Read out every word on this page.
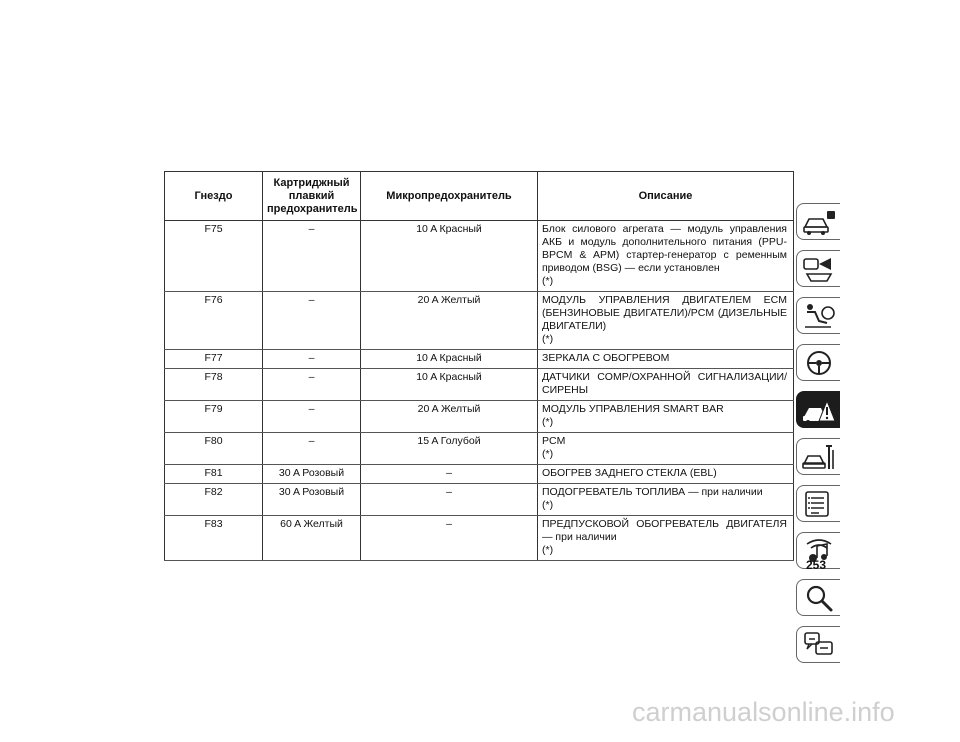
Гнездо	Картриджный
плавкий
предохранитель	Микропредохранитель	Описание
F75	–	10 A Красный	Блок силового агрегата — модуль управления АКБ и модуль дополнительного питания (PPU-BPCM & APM) стартер-генератор с ременным приводом (BSG) — если установлен
(*)

F76	–	20 A Желтый	МОДУЛЬ УПРАВЛЕНИЯ ДВИГАТЕЛЕМ ECM (БЕНЗИНОВЫЕ ДВИГАТЕЛИ)/PCM (ДИЗЕЛЬНЫЕ ДВИГАТЕЛИ)
(*)

F77	–	10 A Красный	ЗЕРКАЛА С ОБОГРЕВОМ

F78	–	10 A Красный	ДАТЧИКИ COMP/ОХРАННОЙ СИГНАЛИЗАЦИИ/ СИРЕНЫ

F79	–	20 A Желтый	МОДУЛЬ УПРАВЛЕНИЯ SMART BAR
(*)

F80	–	15 A Голубой	PCM
(*)

F81	30 A Розовый	–	ОБОГРЕВ ЗАДНЕГО СТЕКЛА (EBL)

F82	30 A Розовый	–	ПОДОГРЕВАТЕЛЬ ТОПЛИВА — при наличии
(*)

F83	60 A Желтый	–	ПРЕДПУСКОВОЙ ОБОГРЕВАТЕЛЬ ДВИГАТЕЛЯ — при наличии
(*)
253
carmanualsonline.info
